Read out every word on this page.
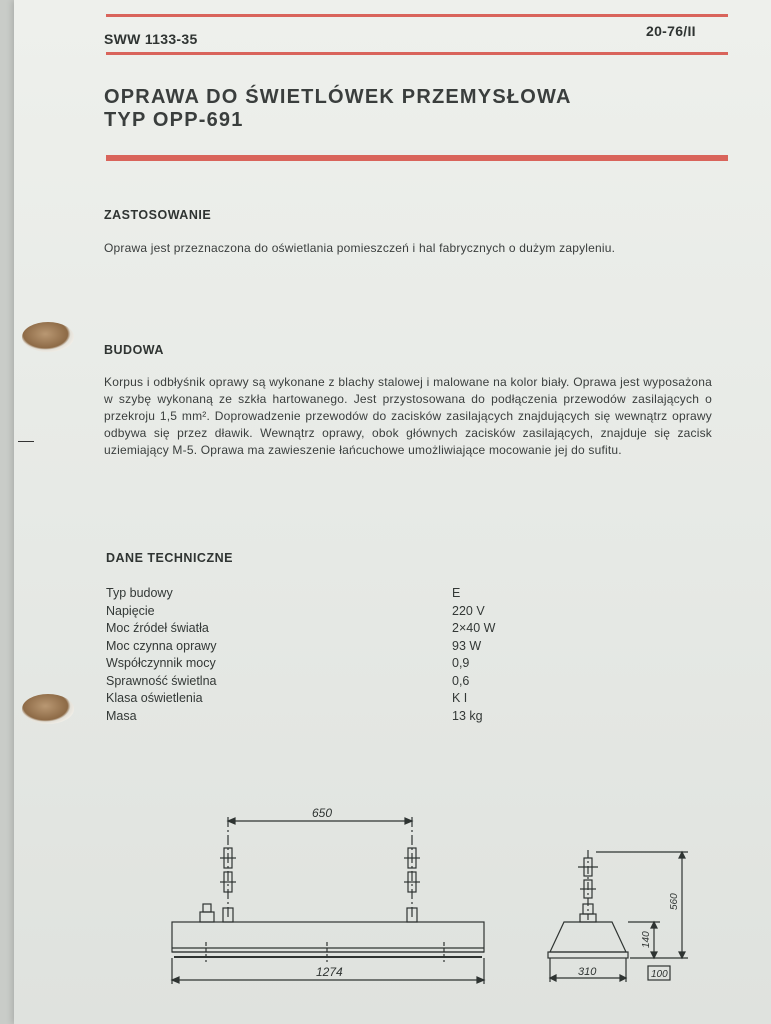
SWW 1133-35	20-76/II
OPRAWA DO ŚWIETLÓWEK PRZEMYSŁOWA
TYP OPP-691
ZASTOSOWANIE
Oprawa jest przeznaczona do oświetlania pomieszczeń i hal fabrycznych o dużym zapyleniu.
BUDOWA
Korpus i odbłyśnik oprawy są wykonane z blachy stalowej i malowane na kolor biały. Oprawa jest wyposażona w szybę wykonaną ze szkła hartowanego. Jest przystosowana do podłączenia przewodów zasilających o przekroju 1,5 mm². Doprowadzenie przewodów do zacisków zasilających znajdujących się wewnątrz oprawy odbywa się przez dławik. Wewnątrz oprawy, obok głównych zacisków zasilających, znajduje się zacisk uziemiający M-5. Oprawa ma zawieszenie łańcuchowe umożliwiające mocowanie jej do sufitu.
DANE TECHNICZNE
Typ budowy	E
Napięcie	220 V
Moc źródeł światła	2×40 W
Moc czynna oprawy	93 W
Współczynnik mocy	0,9
Sprawność świetlna	0,6
Klasa oświetlenia	K I
Masa	13 kg
650
1274
560
140
310	100
